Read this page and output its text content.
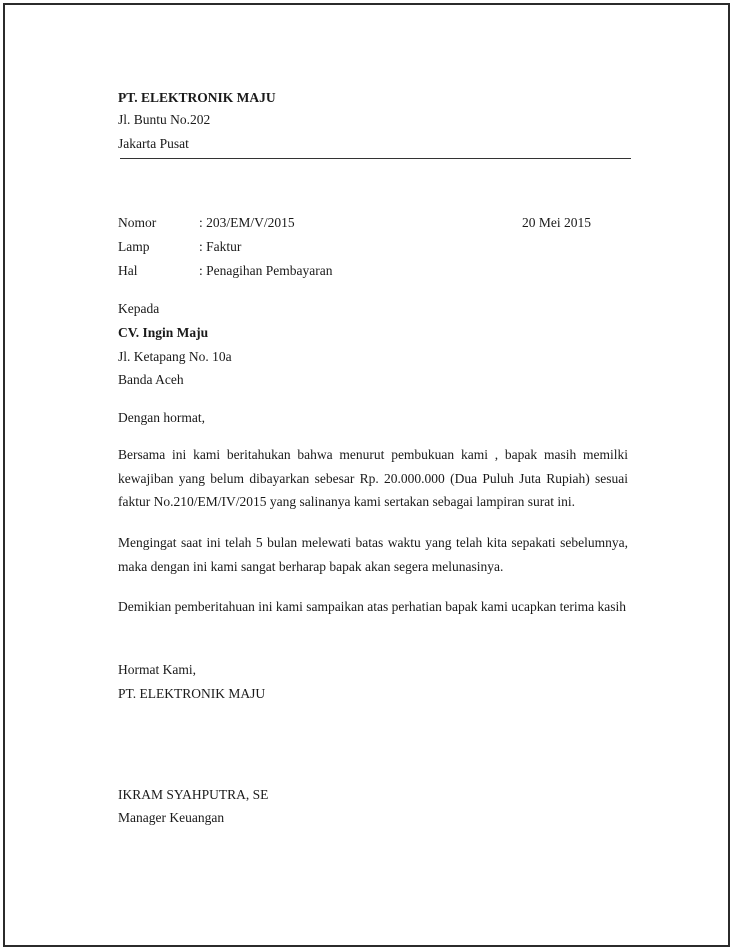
PT. ELEKTRONIK MAJU
Jl. Buntu No.202
Jakarta Pusat
Nomor	: 203/EM/V/2015	20 Mei 2015
Lamp	: Faktur
Hal	: Penagihan Pembayaran
Kepada
CV. Ingin Maju
Jl. Ketapang No. 10a
Banda Aceh
Dengan hormat,
Bersama ini kami beritahukan bahwa menurut pembukuan kami , bapak masih memilki kewajiban yang belum dibayarkan sebesar Rp. 20.000.000 (Dua Puluh Juta Rupiah) sesuai faktur No.210/EM/IV/2015 yang salinanya kami sertakan sebagai lampiran surat ini.
Mengingat saat ini telah 5 bulan melewati batas waktu yang telah kita sepakati sebelumnya, maka dengan ini kami sangat berharap bapak akan segera melunasinya.
Demikian pemberitahuan ini kami sampaikan atas perhatian bapak kami ucapkan terima kasih
Hormat Kami,
PT. ELEKTRONIK MAJU
IKRAM SYAHPUTRA, SE
Manager Keuangan
